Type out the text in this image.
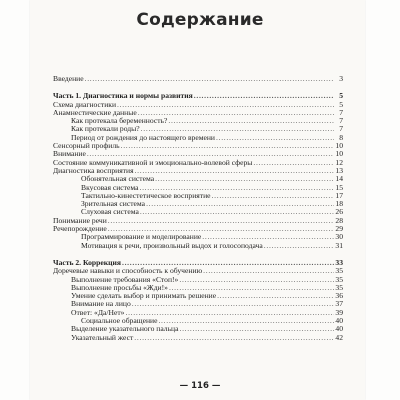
Содержание
Введение . . .	3
Часть 1. Диагностика и нормы развития . . .	5
Схема диагностики . . .	5
Анамнестические данные . . .	7
Как протекала беременность? . . .	7
Как протекали роды? . . .	7
Период от рождения до настоящего времени . . .	8
Сенсорный профиль . . .	10
Внимание . . .	10
Состояние коммуникативной и эмоционально-волевой сферы . . .	12
Диагностика восприятия . . .	13
Обонятельная система . . .	14
Вкусовая система . . .	15
Тактильно-кинестетическое восприятие . . .	17
Зрительная система . . .	18
Слуховая система . . .	26
Понимание речи . . .	28
Речепорождение . . .	29
Программирование и моделирование . . .	30
Мотивация к речи, произвольный выдох и голосоподача . . .	31
Часть 2. Коррекция . . .	33
Доречевые навыки и способность к обучению . . .	35
Выполнение требования «Стоп!» . . .	35
Выполнение просьбы «Жди!» . . .	35
Умение сделать выбор и принимать решение . . .	36
Внимание на лицо . . .	37
Ответ: «Да/Нет» . . .	39
Социальное обращение . . .	40
Выделение указательного пальца . . .	40
Указательный жест . . .	42
— 116 —
